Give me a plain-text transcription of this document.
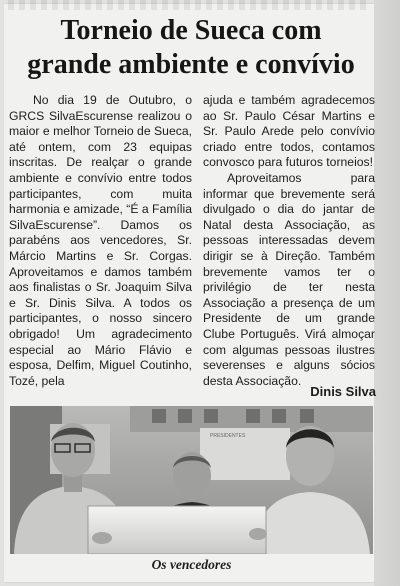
Torneio de Sueca com
grande ambiente e convívio

No dia 19 de Outubro, o GRCS SilvaEscurense realizou o maior e melhor Torneio de Sueca, até ontem, com 23 equipas inscritas. De realçar o grande ambiente e convívio entre todos participantes, com muita harmonia e amizade, “É a Família SilvaEscurense”. Damos os parabéns aos vencedores, Sr. Márcio Martins e Sr. Corgas. Aproveitamos e damos também aos finalistas o Sr. Joaquim Silva e Sr. Dinis Silva. A todos os participantes, o nosso sincero obrigado! Um agradecimento especial ao Mário Flávio e esposa, Delfim, Miguel Coutinho, Tozé, pela

ajuda e também agradecemos ao Sr. Paulo César Martins e Sr. Paulo Arede pelo convívio criado entre todos, contamos convosco para futuros torneios!

Aproveitamos para informar que brevemente será divulgado o dia do jantar de Natal desta Associação, as pessoas interessadas devem dirigir se à Direção. Também brevemente vamos ter o privilégio de ter nesta Associação a presença de um Presidente de um grande Clube Português. Virá almoçar com algumas pessoas ilustres severenses e alguns sócios desta Associação.

Dinis Silva
PRESIDENTES

Os vencedores
